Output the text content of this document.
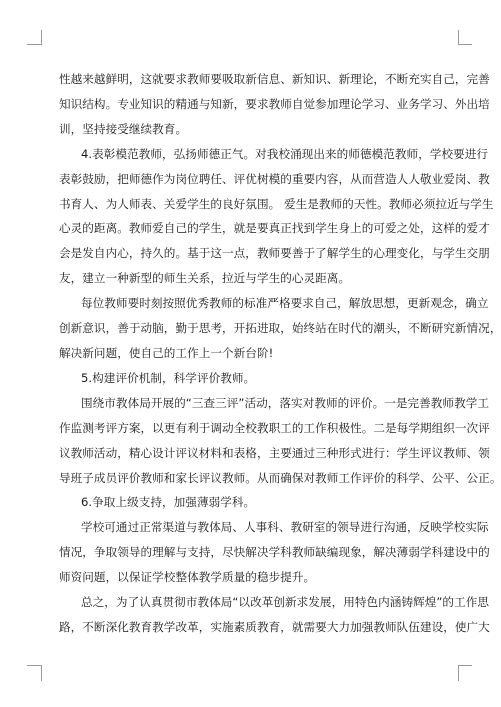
性越来越鲜明，这就要求教师要吸取新信息、新知识、新理论，不断充实自己，完善
知识结构。专业知识的精通与知新，要求教师自觉参加理论学习、业务学习、外出培
训，坚持接受继续教育。
4.表彰模范教师，弘扬师德正气。对我校涌现出来的师德模范教师，学校要进行
表彰鼓励，把师德作为岗位聘任、评优树模的重要内容，从而营造人人敬业爱岗、教
书育人、为人师表、关爱学生的良好氛围。 爱生是教师的天性。教师必须拉近与学生
心灵的距离。教师爱自己的学生，就是要真正找到学生身上的可爱之处，这样的爱才
会是发自内心，持久的。基于这一点，教师要善于了解学生的心理变化，与学生交朋
友，建立一种新型的师生关系，拉近与学生的心灵距离。
每位教师要时刻按照优秀教师的标准严格要求自己，解放思想，更新观念，确立
创新意识，善于动脑，勤于思考，开拓进取，始终站在时代的潮头，不断研究新情况，
解决新问题，使自己的工作上一个新台阶!
5.构建评价机制，科学评价教师。
围绕市教体局开展的“三查三评”活动，落实对教师的评价。一是完善教师教学工
作监测考评方案，以更有利于调动全校教职工的工作积极性。二是每学期组织一次评
议教师活动，精心设计评议材料和表格，主要通过三种形式进行：学生评议教师、领
导班子成员评价教师和家长评议教师。从而确保对教师工作评价的科学、公平、公正。
6.争取上级支持，加强薄弱学科。
学校可通过正常渠道与教体局、人事科、教研室的领导进行沟通，反映学校实际
情况，争取领导的理解与支持，尽快解决学科教师缺编现象，解决薄弱学科建设中的
师资问题，以保证学校整体教学质量的稳步提升。
总之，为了认真贯彻市教体局“以改革创新求发展，用特色内涵铸辉煌”的工作思
路，不断深化教育教学改革，实施素质教育，就需要大力加强教师队伍建设，使广大
